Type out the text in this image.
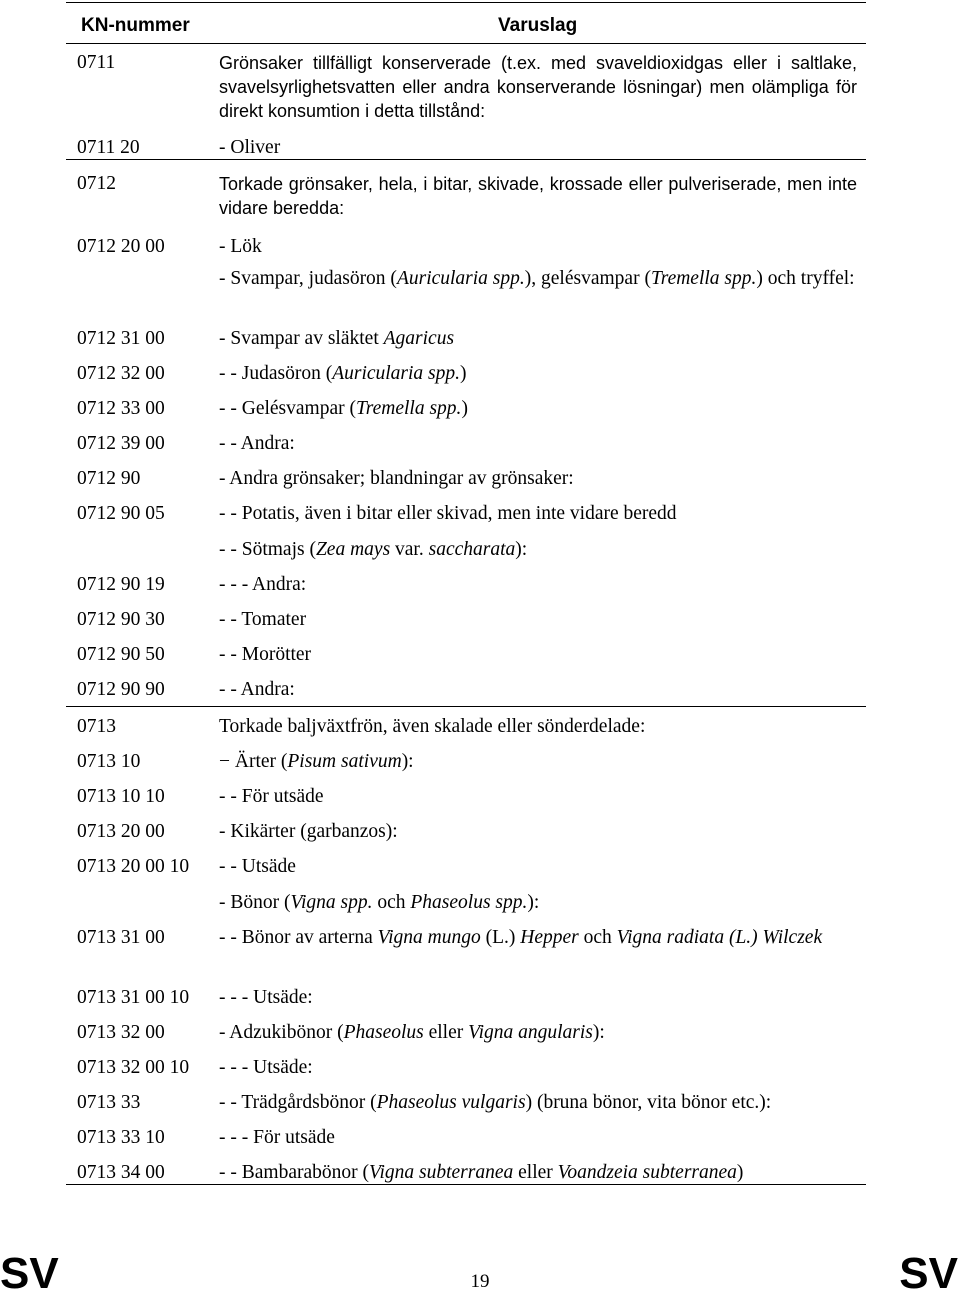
KN-nummer	Varuslag
0711	Grönsaker tillfälligt konserverade (t.ex. med svaveldioxidgas eller i saltlake, svavelsyrlighetsvatten eller andra konserverande lösningar) men olämpliga för direkt konsumtion i detta tillstånd:
0711 20	- Oliver
0712	Torkade grönsaker, hela, i bitar, skivade, krossade eller pulveriserade, men inte vidare beredda:
0712 20 00	- Lök
- Svampar, judasöron (Auricularia spp.), gelésvampar (Tremella spp.) och tryffel:
0712 31 00	- Svampar av släktet Agaricus
0712 32 00	- - Judasöron (Auricularia spp.)
0712 33 00	- - Gelésvampar (Tremella spp.)
0712 39 00	- - Andra:
0712 90	- Andra grönsaker; blandningar av grönsaker:
0712 90 05	- - Potatis, även i bitar eller skivad, men inte vidare beredd
- - Sötmajs (Zea mays var. saccharata):
0712 90 19	- - - Andra:
0712 90 30	- - Tomater
0712 90 50	- - Morötter
0712 90 90	- - Andra:
0713	Torkade baljväxtfrön, även skalade eller sönderdelade:
0713 10	− Ärter (Pisum sativum):
0713 10 10	- - För utsäde
0713 20 00	- Kikärter (garbanzos):
0713 20 00 10 - - Utsäde
- Bönor (Vigna spp. och Phaseolus spp.):
0713 31 00	- - Bönor av arterna Vigna mungo (L.) Hepper och Vigna radiata (L.) Wilczek
0713 31 00 10 - - - Utsäde:
0713 32 00	- Adzukibönor (Phaseolus eller Vigna angularis):
0713 32 00 10 - - - Utsäde:
0713 33	- - Trädgårdsbönor (Phaseolus vulgaris) (bruna bönor, vita bönor etc.):
0713 33 10	- - - För utsäde
0713 34 00	- - Bambarabönor (Vigna subterranea eller Voandzeia subterranea)
SV	SV
19
